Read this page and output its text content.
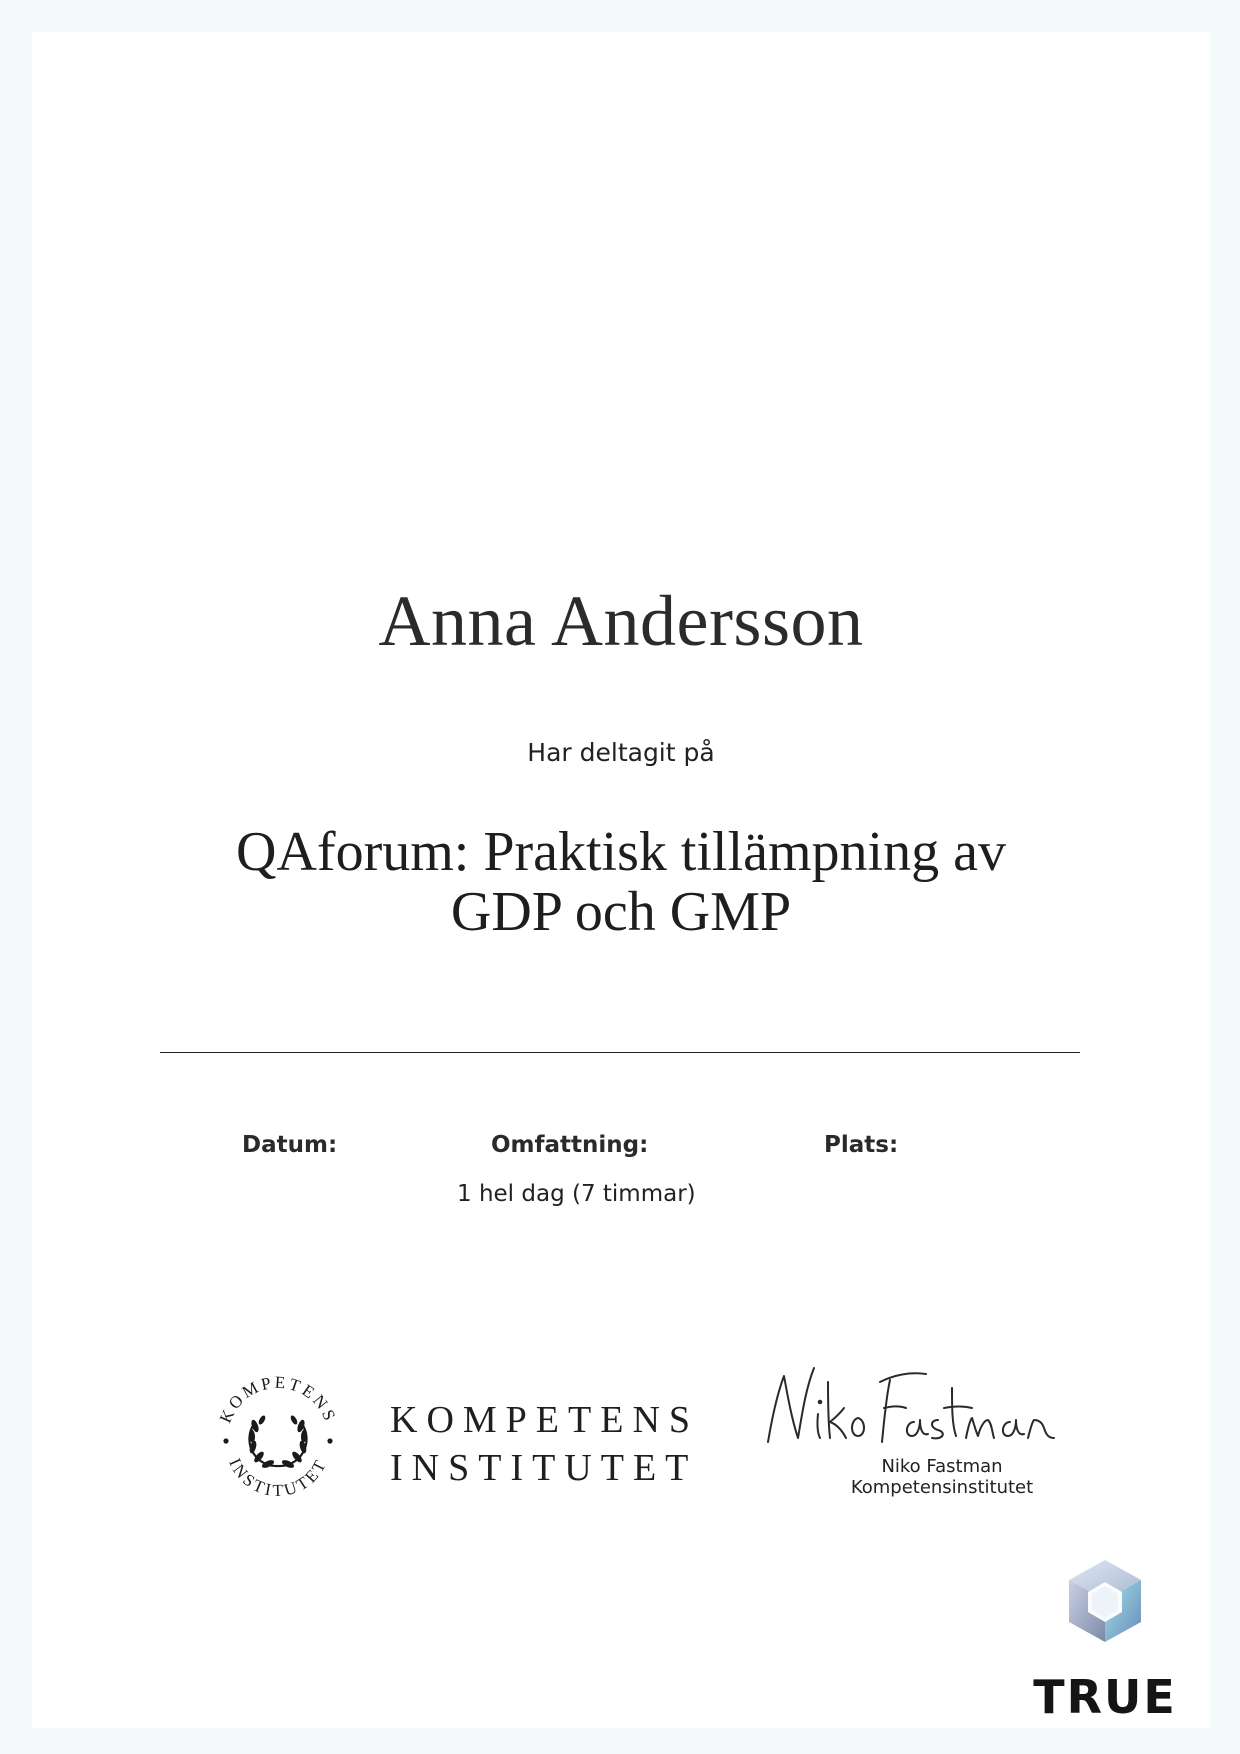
Anna Andersson
Har deltagit på
QAforum: Praktisk tillämpning av
GDP och GMP
Datum:	Omfattning:
1 hel dag (7 timmar)
Plats:
KOMPETENS
INSTITUTET
KOMPETENS
INSTITUTET	Niko Fastman
Kompetensinstitutet
TRUE
